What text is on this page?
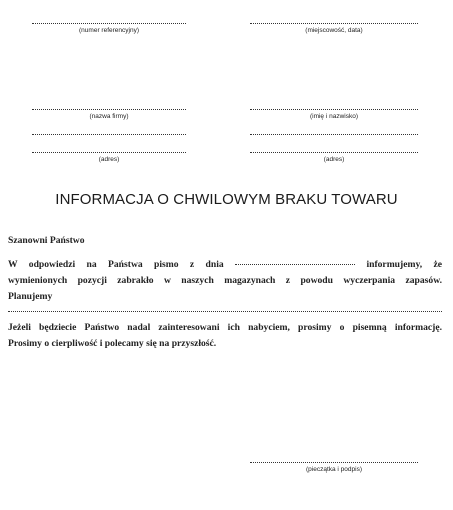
(numer referencyjny)	(miejscowość, data)
(nazwa firmy)	(imię i nazwisko)
(adres)	(adres)
INFORMACJA O CHWILOWYM BRAKU TOWARU

Szanowni Państwo

W odpowiedzi na Państwa pismo z dnia	informujemy, że

wymienionych pozycji zabrakło w naszych magazynach z powodu wyczerpania zapasów.

Planujemy

Jeżeli będziecie Państwo nadal zainteresowani ich nabyciem, prosimy o pisemną informację.

Prosimy o cierpliwość i polecamy się na przyszłość.

(pieczątka i podpis)
